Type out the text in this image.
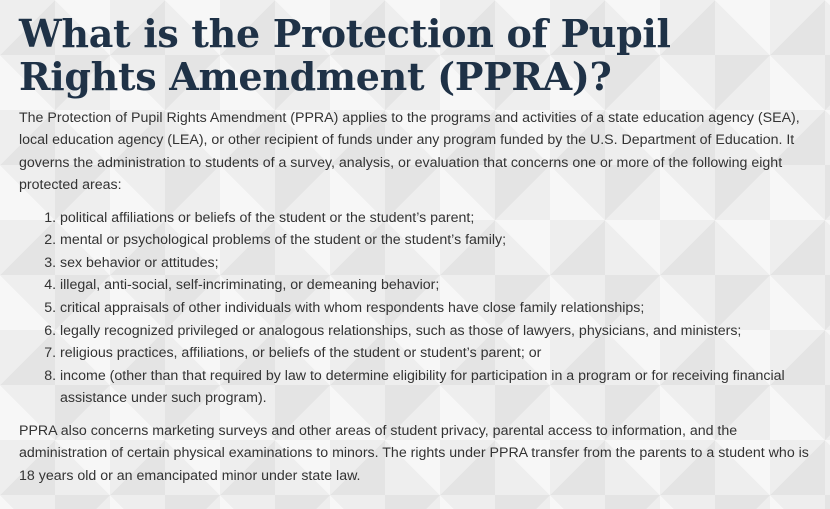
What is the Protection of Pupil Rights Amendment (PPRA)?

The Protection of Pupil Rights Amendment (PPRA) applies to the programs and activities of a state education agency (SEA), local education agency (LEA), or other recipient of funds under any program funded by the U.S. Department of Education. It governs the administration to students of a survey, analysis, or evaluation that concerns one or more of the following eight protected areas:

1. political affiliations or beliefs of the student or the student’s parent;
2. mental or psychological problems of the student or the student’s family;
3. sex behavior or attitudes;
4. illegal, anti-social, self-incriminating, or demeaning behavior;
5. critical appraisals of other individuals with whom respondents have close family relationships;
6. legally recognized privileged or analogous relationships, such as those of lawyers, physicians, and ministers;
7. religious practices, affiliations, or beliefs of the student or student’s parent; or
8. income (other than that required by law to determine eligibility for participation in a program or for receiving financial assistance under such program).

PPRA also concerns marketing surveys and other areas of student privacy, parental access to information, and the administration of certain physical examinations to minors. The rights under PPRA transfer from the parents to a student who is 18 years old or an emancipated minor under state law.
